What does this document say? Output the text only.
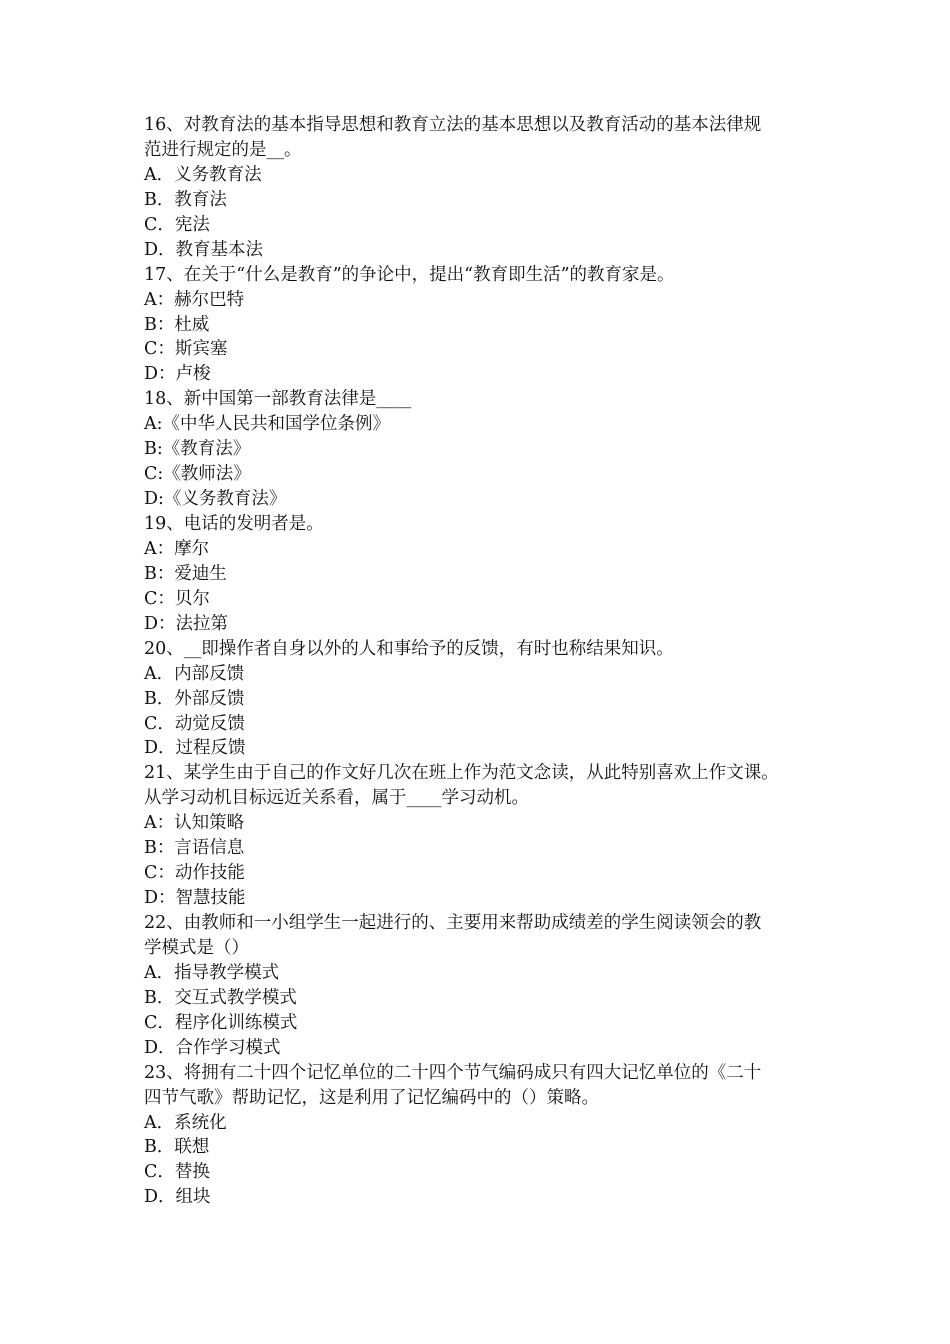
16、对教育法的基本指导思想和教育立法的基本思想以及教育活动的基本法律规
范进行规定的是__。
A．义务教育法
B．教育法
C．宪法
D．教育基本法
17、在关于“什么是教育”的争论中，提出“教育即生活”的教育家是。
A：赫尔巴特
B：杜威
C：斯宾塞
D：卢梭
18、新中国第一部教育法律是____
A:《中华人民共和国学位条例》
B:《教育法》
C:《教师法》
D:《义务教育法》
19、电话的发明者是。
A：摩尔
B：爱迪生
C：贝尔
D：法拉第
20、__即操作者自身以外的人和事给予的反馈，有时也称结果知识。
A．内部反馈
B．外部反馈
C．动觉反馈
D．过程反馈
21、某学生由于自己的作文好几次在班上作为范文念读，从此特别喜欢上作文课。
从学习动机目标远近关系看，属于____学习动机。
A：认知策略
B：言语信息
C：动作技能
D：智慧技能
22、由教师和一小组学生一起进行的、主要用来帮助成绩差的学生阅读领会的教
学模式是（）
A．指导教学模式
B．交互式教学模式
C．程序化训练模式
D．合作学习模式
23、将拥有二十四个记忆单位的二十四个节气编码成只有四大记忆单位的《二十
四节气歌》帮助记忆，这是利用了记忆编码中的（）策略。
A．系统化
B．联想
C．替换
D．组块
